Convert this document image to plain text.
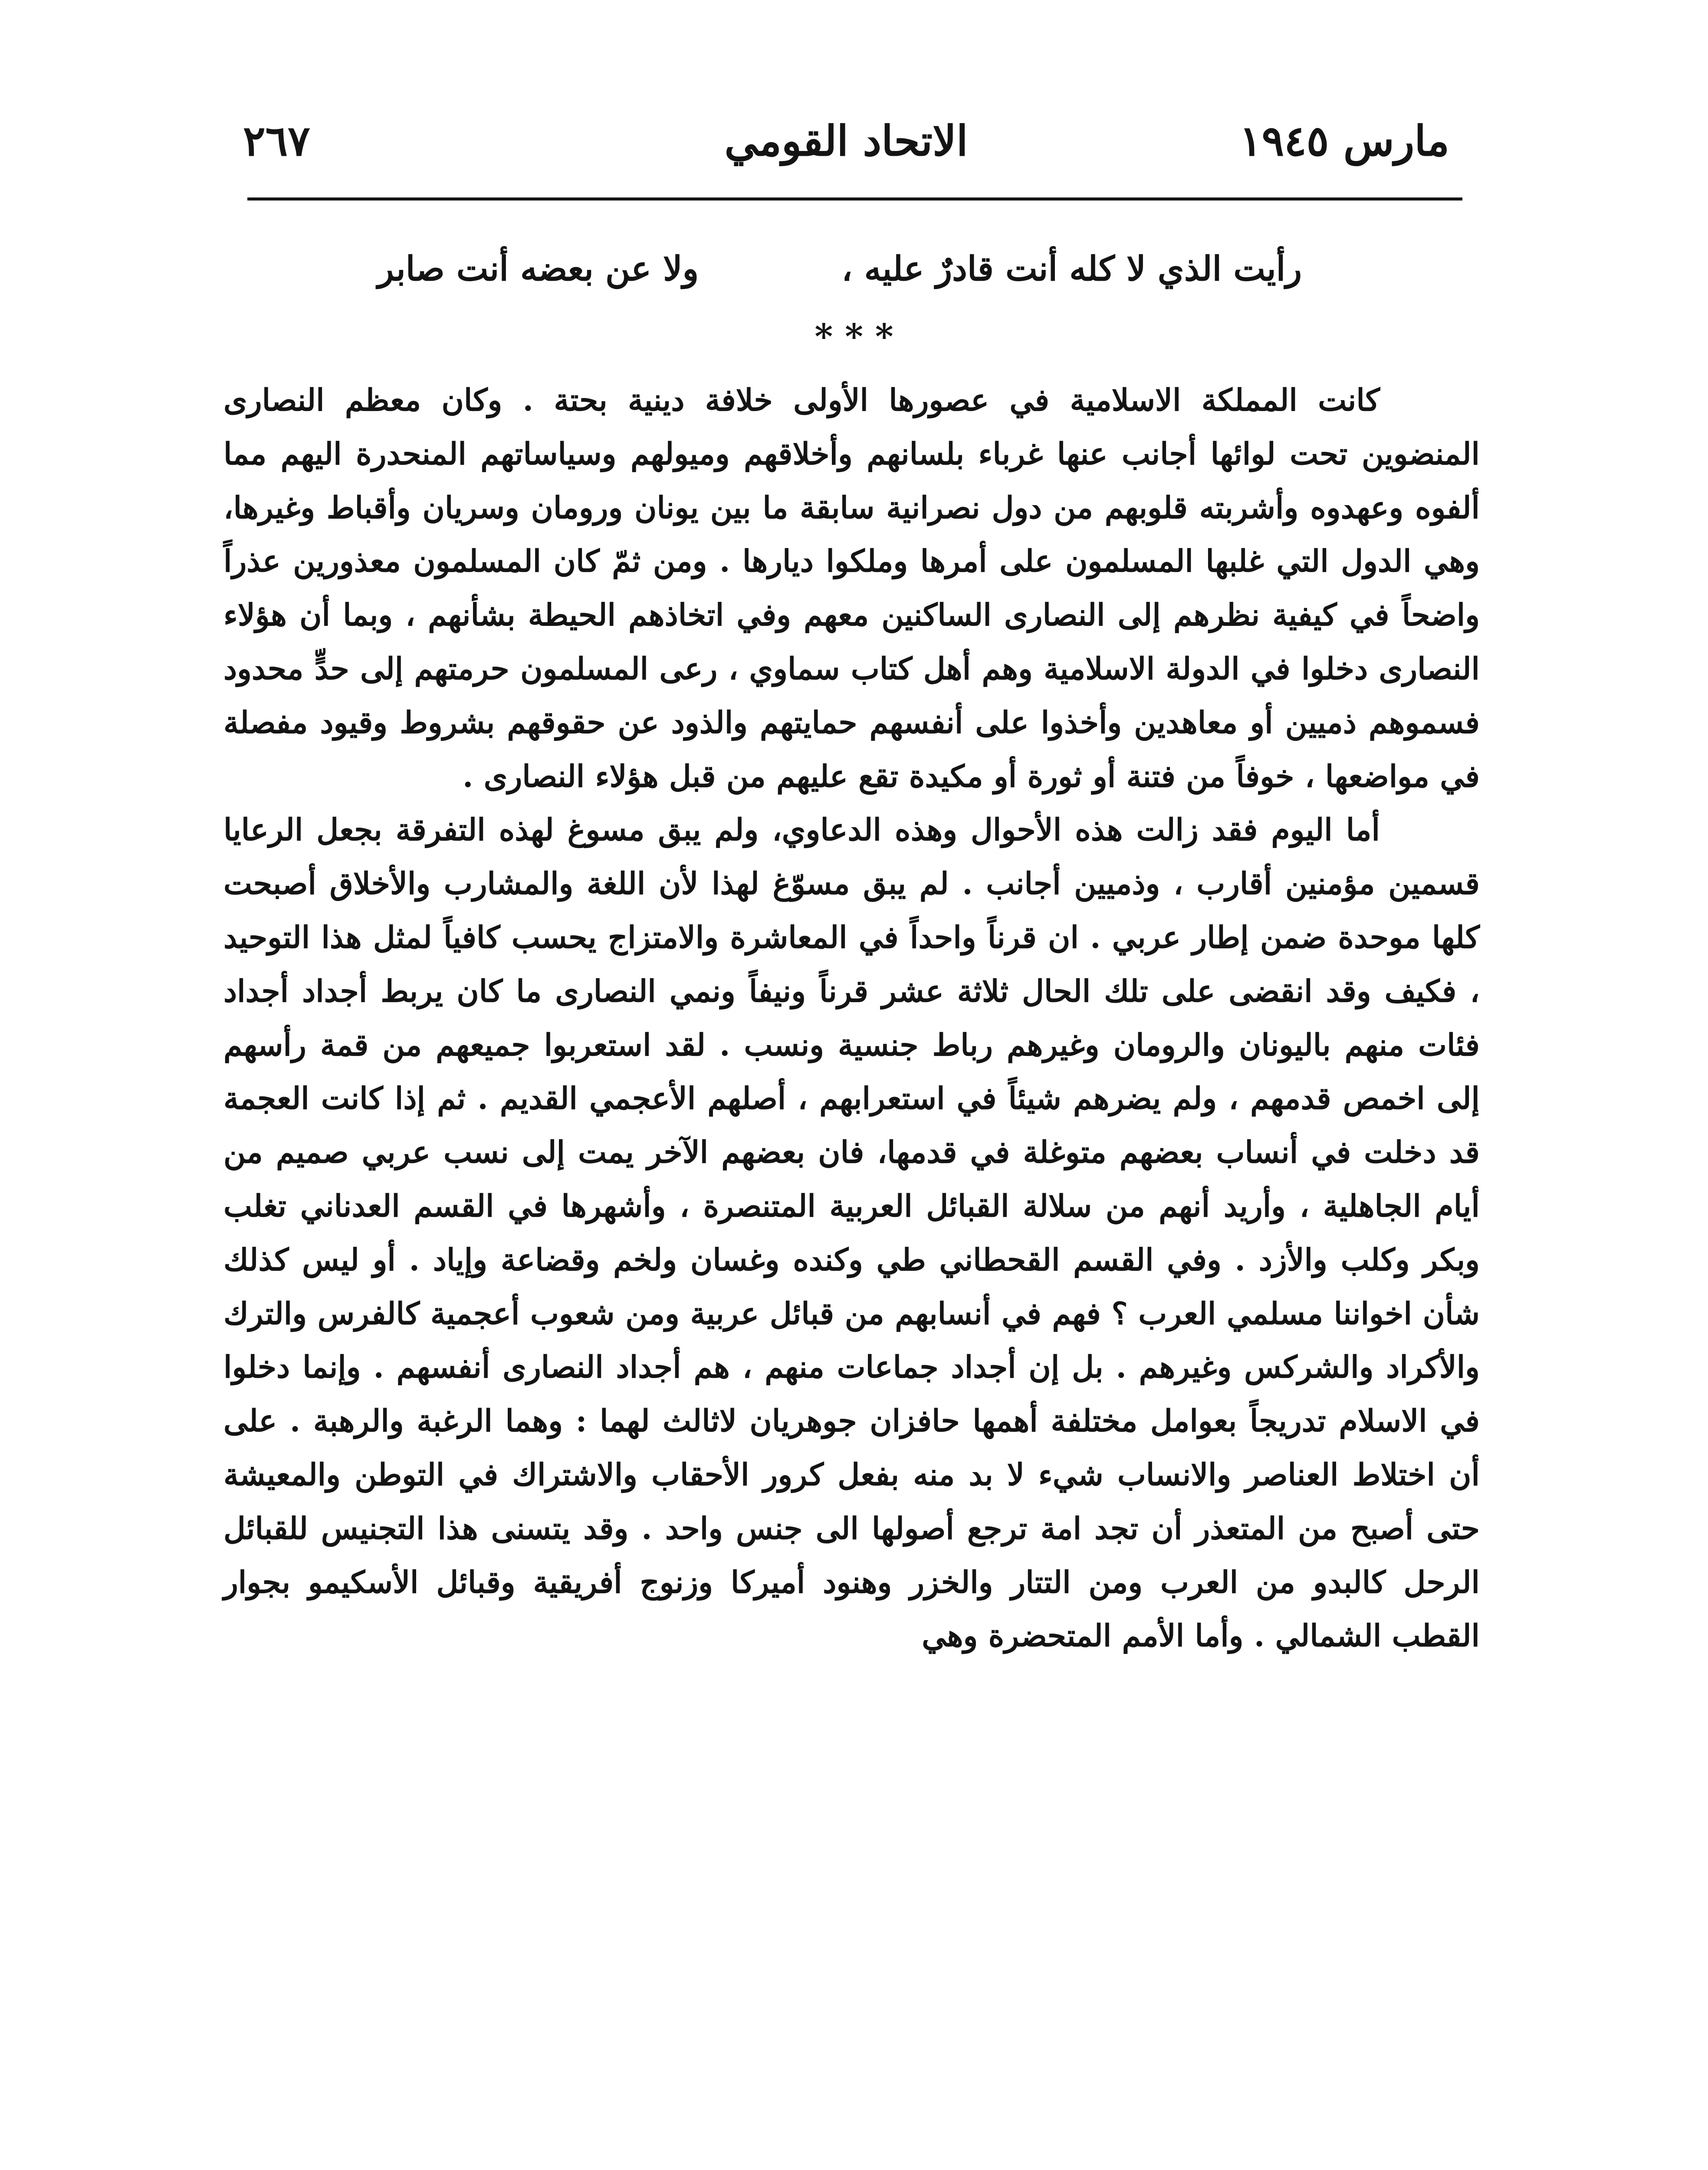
مارس ١٩٤٥
الاتحاد القومي
٢٦٧
رأيت الذي لا كله أنت قادرٌ عليه ،
ولا عن بعضه أنت صابر
* * *

كانت المملكة الاسلامية في عصورها الأولى خلافة دينية بحتة . وكان معظم النصارى المنضوين تحت لوائها أجانب عنها غرباء بلسانهم وأخلاقهم وميولهم وسياساتهم المنحدرة اليهم مما ألفوه وعهدوه وأشربته قلوبهم من دول نصرانية سابقة ما بين يونان ورومان وسريان وأقباط وغيرها، وهي الدول التي غلبها المسلمون على أمرها وملكوا ديارها . ومن ثمّ كان المسلمون معذورين عذراً واضحاً في كيفية نظرهم إلى النصارى الساكنين معهم وفي اتخاذهم الحيطة بشأنهم ، وبما أن هؤلاء النصارى دخلوا في الدولة الاسلامية وهم أهل كتاب سماوي ، رعى المسلمون حرمتهم إلى حدٍّ محدود فسموهم ذميين أو معاهدين وأخذوا على أنفسهم حمايتهم والذود عن حقوقهم بشروط وقيود مفصلة في مواضعها ، خوفاً من فتنة أو ثورة أو مكيدة تقع عليهم من قبل هؤلاء النصارى .

أما اليوم فقد زالت هذه الأحوال وهذه الدعاوي، ولم يبق مسوغ لهذه التفرقة بجعل الرعايا قسمين مؤمنين أقارب ، وذميين أجانب . لم يبق مسوّغ لهذا لأن اللغة والمشارب والأخلاق أصبحت كلها موحدة ضمن إطار عربي . ان قرناً واحداً في المعاشرة والامتزاج يحسب كافياً لمثل هذا التوحيد ، فكيف وقد انقضى على تلك الحال ثلاثة عشر قرناً ونيفاً ونمي النصارى ما كان يربط أجداد أجداد فئات منهم باليونان والرومان وغيرهم رباط جنسية ونسب . لقد استعربوا جميعهم من قمة رأسهم إلى اخمص قدمهم ، ولم يضرهم شيئاً في استعرابهم ، أصلهم الأعجمي القديم . ثم إذا كانت العجمة قد دخلت في أنساب بعضهم متوغلة في قدمها، فان بعضهم الآخر يمت إلى نسب عربي صميم من أيام الجاهلية ، وأريد أنهم من سلالة القبائل العربية المتنصرة ، وأشهرها في القسم العدناني تغلب وبكر وكلب والأزد . وفي القسم القحطاني طي وكنده وغسان ولخم وقضاعة وإياد . أو ليس كذلك شأن اخواننا مسلمي العرب ؟ فهم في أنسابهم من قبائل عربية ومن شعوب أعجمية كالفرس والترك والأكراد والشركس وغيرهم . بل إن أجداد جماعات منهم ، هم أجداد النصارى أنفسهم . وإنما دخلوا في الاسلام تدريجاً بعوامل مختلفة أهمها حافزان جوهريان لاثالث لهما : وهما الرغبة والرهبة . على أن اختلاط العناصر والانساب شيء لا بد منه بفعل كرور الأحقاب والاشتراك في التوطن والمعيشة حتى أصبح من المتعذر أن تجد امة ترجع أصولها الى جنس واحد . وقد يتسنى هذا التجنيس للقبائل الرحل كالبدو من العرب ومن التتار والخزر وهنود أميركا وزنوج أفريقية وقبائل الأسكيمو بجوار القطب الشمالي . وأما الأمم المتحضرة وهي
